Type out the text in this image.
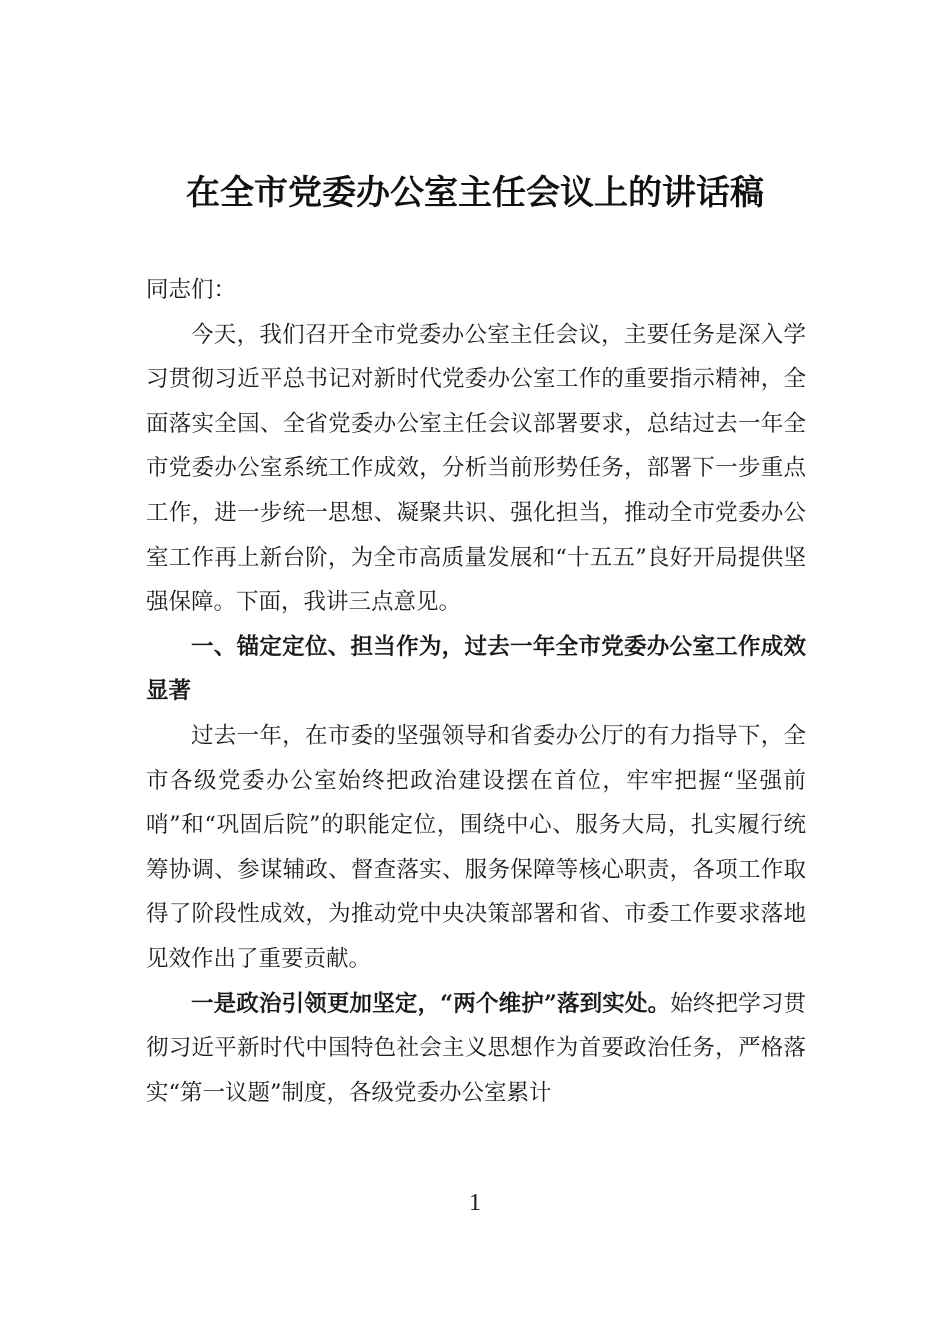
在全市党委办公室主任会议上的讲话稿

同志们：

今天，我们召开全市党委办公室主任会议，主要任务是深入学习贯彻习近平总书记对新时代党委办公室工作的重要指示精神，全面落实全国、全省党委办公室主任会议部署要求，总结过去一年全市党委办公室系统工作成效，分析当前形势任务，部署下一步重点工作，进一步统一思想、凝聚共识、强化担当，推动全市党委办公室工作再上新台阶，为全市高质量发展和“十五五”良好开局提供坚强保障。下面，我讲三点意见。

一、锚定定位、担当作为，过去一年全市党委办公室工作成效显著

过去一年，在市委的坚强领导和省委办公厅的有力指导下，全市各级党委办公室始终把政治建设摆在首位，牢牢把握“坚强前哨”和“巩固后院”的职能定位，围绕中心、服务大局，扎实履行统筹协调、参谋辅政、督查落实、服务保障等核心职责，各项工作取得了阶段性成效，为推动党中央决策部署和省、市委工作要求落地见效作出了重要贡献。

一是政治引领更加坚定，“两个维护”落到实处。始终把学习贯彻习近平新时代中国特色社会主义思想作为首要政治任务，严格落实“第一议题”制度，各级党委办公室累计

1
